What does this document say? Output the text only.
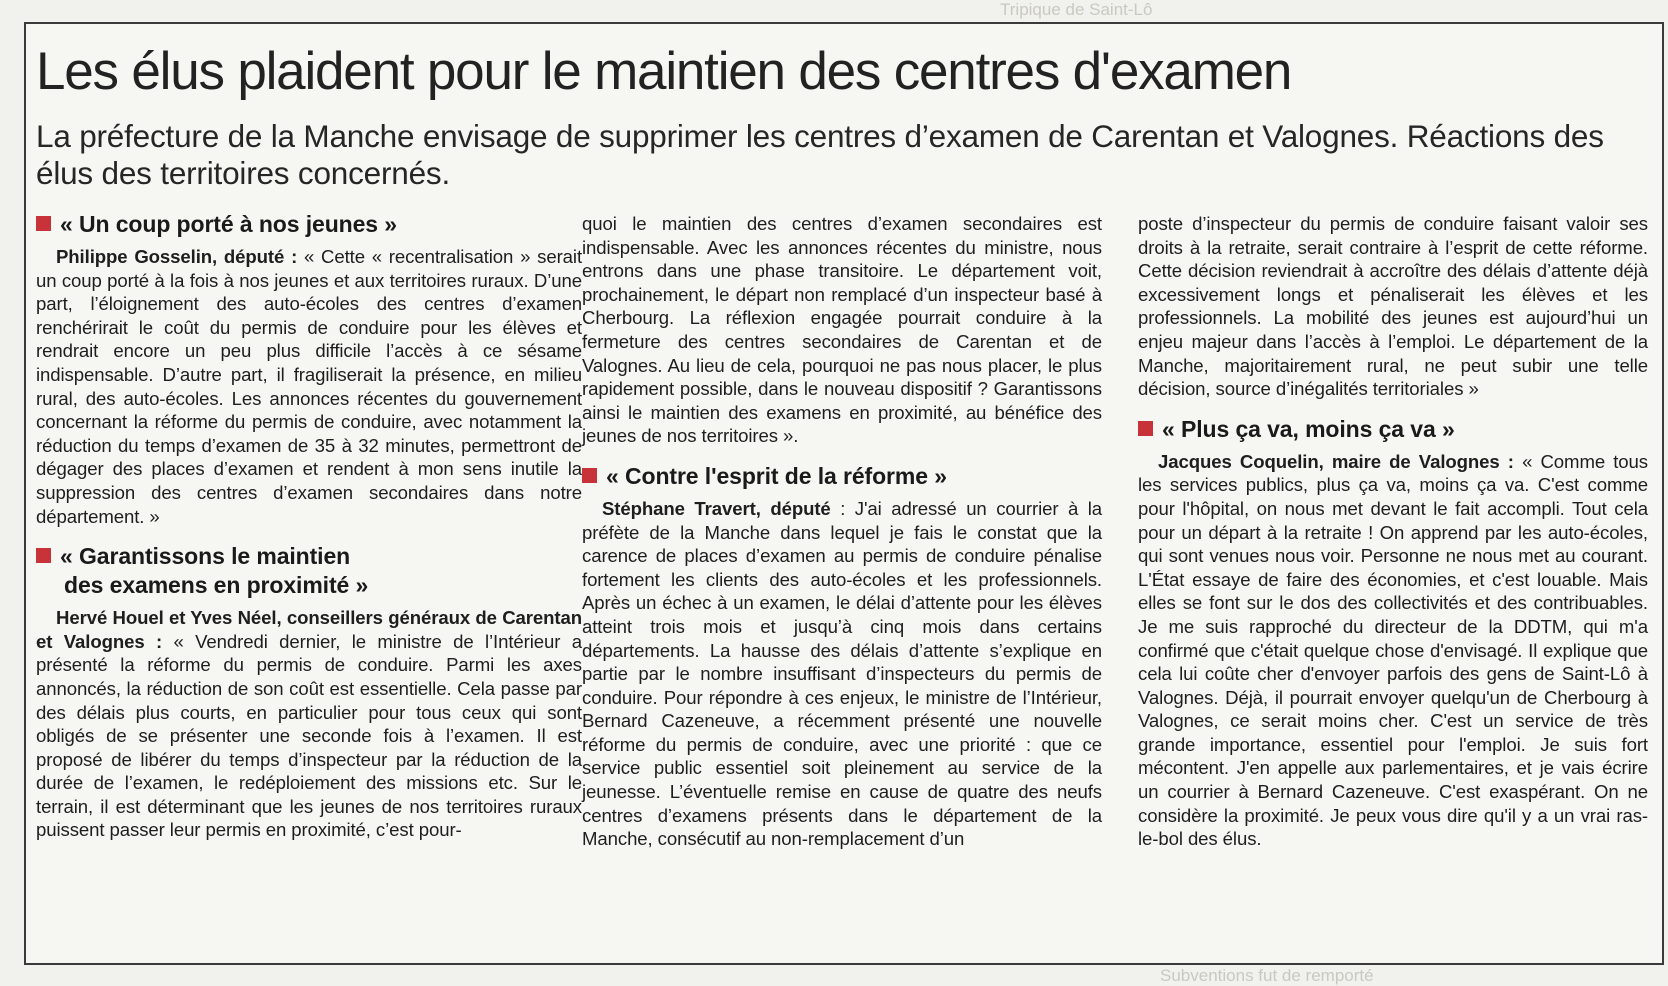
Tripique de Saint-Lô
Subventions fut de remporté
Les élus plaident pour le maintien des centres d'examen

La préfecture de la Manche envisage de supprimer les centres d’examen de Carentan et Valognes. Réactions des élus des territoires concernés.

« Un coup porté à nos jeunes »

Philippe Gosselin, député : « Cette « recentralisation » serait un coup porté à la fois à nos jeunes et aux territoires ruraux. D’une part, l’éloignement des auto-écoles des centres d’examen renchérirait le coût du permis de conduire pour les élèves et rendrait encore un peu plus difficile l’accès à ce sésame indispensable. D’autre part, il fragiliserait la présence, en milieu rural, des auto-écoles. Les annonces récentes du gouvernement concernant la réforme du permis de conduire, avec notamment la réduction du temps d’examen de 35 à 32 minutes, permettront de dégager des places d’examen et rendent à mon sens inutile la suppression des centres d’examen secondaires dans notre département. »

« Garantissons le maintien
des examens en proximité »

Hervé Houel et Yves Néel, conseillers généraux de Carentan et Valognes : « Vendredi dernier, le ministre de l’Intérieur a présenté la réforme du permis de conduire. Parmi les axes annoncés, la réduction de son coût est essentielle. Cela passe par des délais plus courts, en particulier pour tous ceux qui sont obligés de se présenter une seconde fois à l’examen. Il est proposé de libérer du temps d’inspecteur par la réduction de la durée de l’examen, le redéploiement des missions etc. Sur le terrain, il est déterminant que les jeunes de nos territoires ruraux puissent passer leur permis en proximité, c’est pour-

quoi le maintien des centres d’examen secondaires est indispensable. Avec les annonces récentes du ministre, nous entrons dans une phase transitoire. Le département voit, prochainement, le départ non remplacé d’un inspecteur basé à Cherbourg. La réflexion engagée pourrait conduire à la fermeture des centres secondaires de Carentan et de Valognes. Au lieu de cela, pourquoi ne pas nous placer, le plus rapidement possible, dans le nouveau dispositif ? Garantissons ainsi le maintien des examens en proximité, au bénéfice des jeunes de nos territoires ».

« Contre l'esprit de la réforme »

Stéphane Travert, député : J'ai adressé un courrier à la préfète de la Manche dans lequel je fais le constat que la carence de places d’examen au permis de conduire pénalise fortement les clients des auto-écoles et les professionnels. Après un échec à un examen, le délai d’attente pour les élèves atteint trois mois et jusqu’à cinq mois dans certains départements. La hausse des délais d’attente s’explique en partie par le nombre insuffisant d’inspecteurs du permis de conduire. Pour répondre à ces enjeux, le ministre de l’Intérieur, Bernard Cazeneuve, a récemment présenté une nouvelle réforme du permis de conduire, avec une priorité : que ce service public essentiel soit pleinement au service de la jeunesse. L’éventuelle remise en cause de quatre des neufs centres d’examens présents dans le département de la Manche, consécutif au non-remplacement d’un

poste d’inspecteur du permis de conduire faisant valoir ses droits à la retraite, serait contraire à l’esprit de cette réforme. Cette décision reviendrait à accroître des délais d’attente déjà excessivement longs et pénaliserait les élèves et les professionnels. La mobilité des jeunes est aujourd’hui un enjeu majeur dans l’accès à l’emploi. Le département de la Manche, majoritairement rural, ne peut subir une telle décision, source d’inégalités territoriales »

« Plus ça va, moins ça va »

Jacques Coquelin, maire de Valognes : « Comme tous les services publics, plus ça va, moins ça va. C'est comme pour l'hôpital, on nous met devant le fait accompli. Tout cela pour un départ à la retraite ! On apprend par les auto-écoles, qui sont venues nous voir. Personne ne nous met au courant. L'État essaye de faire des économies, et c'est louable. Mais elles se font sur le dos des collectivités et des contribuables. Je me suis rapproché du directeur de la DDTM, qui m'a confirmé que c'était quelque chose d'envisagé. Il explique que cela lui coûte cher d'envoyer parfois des gens de Saint-Lô à Valognes. Déjà, il pourrait envoyer quelqu'un de Cherbourg à Valognes, ce serait moins cher. C'est un service de très grande importance, essentiel pour l'emploi. Je suis fort mécontent. J'en appelle aux parlementaires, et je vais écrire un courrier à Bernard Cazeneuve. C'est exaspérant. On ne considère la proximité. Je peux vous dire qu'il y a un vrai ras-le-bol des élus.
